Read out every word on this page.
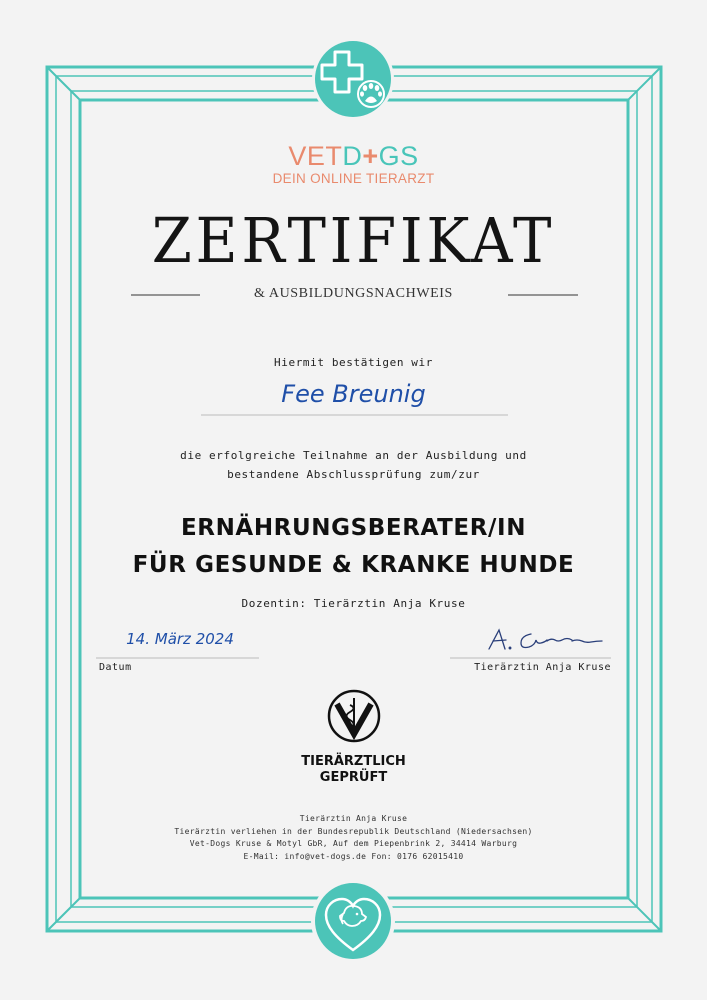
VETD+GS
DEIN ONLINE TIERARZT
ZERTIFIKAT
& AUSBILDUNGSNACHWEIS
Hiermit bestätigen wir
Fee Breunig
die erfolgreiche Teilnahme an der Ausbildung und
bestandene Abschlussprüfung zum/zur
ERNÄHRUNGSBERATER/IN
FÜR GESUNDE & KRANKE HUNDE
Dozentin: Tierärztin Anja Kruse
14. März 2024
Datum	Tierärztin Anja Kruse
TIERÄRZTLICH
GEPRÜFT
Tierärztin Anja Kruse
Tierärztin verliehen in der Bundesrepublik Deutschland (Niedersachsen)
Vet-Dogs Kruse & Motyl GbR, Auf dem Piepenbrink 2, 34414 Warburg
E-Mail: info@vet-dogs.de Fon: 0176 62015410
